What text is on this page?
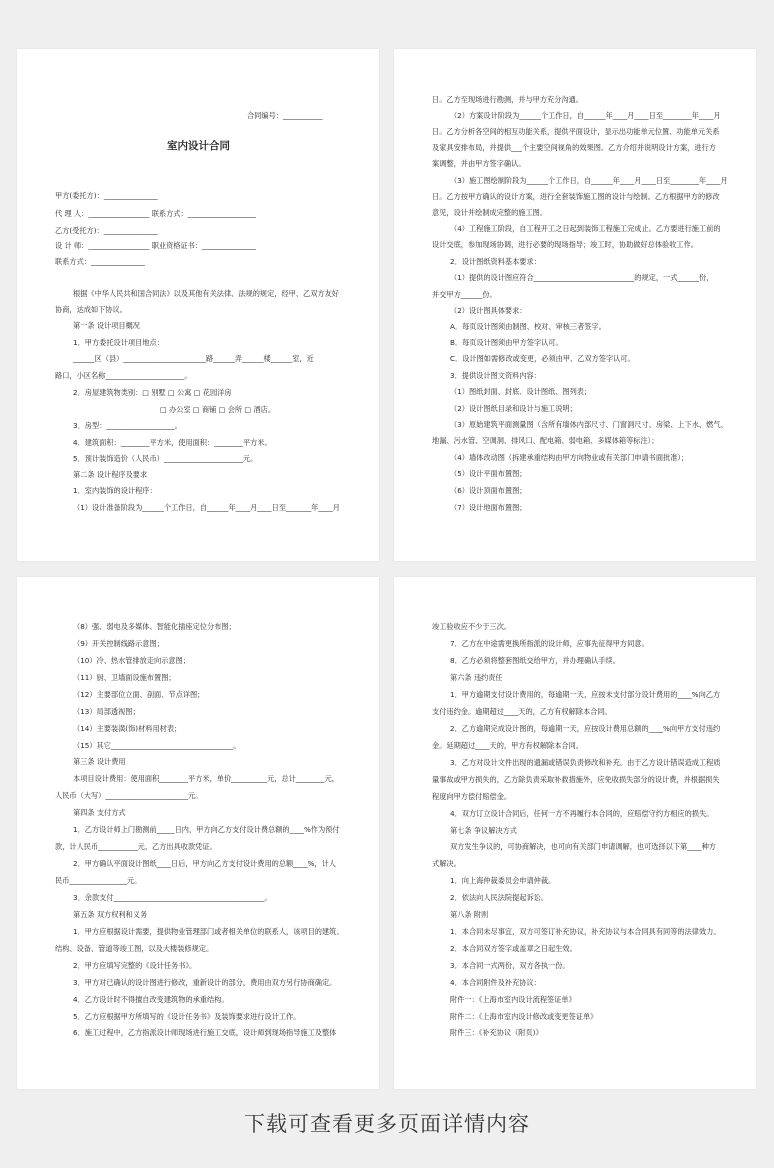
合同编号：___________
室内设计合同
甲方(委托方)：_______________
代 理 人：_________________ 联系方式：___________________
乙方(受托方)：_______________
设 计 师：_________________ 职业资格证书：_______________
联系方式：_______________
根据《中华人民共和国合同法》以及其他有关法律、法规的规定，经甲、乙双方友好
协商，达成如下协议。
第一条 设计项目概况
1．甲方委托设计项目地点：
______区（县）_______________________路______弄______楼______室，近
路口，小区名称______________________。
2．房屋建筑物类别：□ 别墅 □ 公寓 □ 花园洋房
□ 办公室 □ 商铺 □ 会所 □ 酒店。
3．房型：___________________。
4．建筑面积：________平方米，使用面积：________平方米。
5．预计装饰造价（人民币）______________________元。
第二条 设计程序及要求
1．室内装饰的设计程序：
（1）设计准备阶段为______个工作日，自______年____月____日至_______年____月
日。乙方至现场进行勘测，并与甲方充分沟通。
（2）方案设计阶段为______个工作日，自______年____月____日至________年____月
日。乙方分析各空间的相互功能关系，提供平面设计，显示出功能单元位置、功能单元关系
及家具安排布局，并提供___个主要空间视角的效果图。乙方介绍并说明设计方案，进行方
案调整，并由甲方签字确认。
（3）施工图绘制阶段为______个工作日，自______年____月____日至________年____月
日。乙方按甲方确认的设计方案，进行全套装饰施工图的设计与绘制。乙方根据甲方的修改
意见，设计并绘制成完整的施工图。
（4）工程施工阶段，自工程开工之日起到装饰工程施工完成止。乙方要进行施工前的
设计交底，参加现场协调，进行必要的现场指导；竣工时，协助做好总体验收工作。
2．设计图纸资料基本要求：
（1）提供的设计图应符合____________________________的规定，一式______份，
并交甲方______份。
（2）设计图具体要求：
A．每页设计图须由制图、校对、审核三者签字。
B．每页设计图须由甲方签字认可。
C．设计图如需修改或变更，必须由甲、乙双方签字认可。
3．提供设计图文资料内容：
（1）图纸封面、封底、设计图纸、图列表；
（2）设计图纸目录和设计与施工说明；
（3）原始建筑平面测量图（含所有墙体内部尺寸、门窗洞尺寸、房梁、上下水、燃气、
地漏、污水管、空调洞、排风口、配电箱、弱电箱、多媒体箱等标注）；
（4）墙体改动图（拆建承重结构由甲方向物业或有关部门申请书面批准）；
（5）设计平面布置图；
（6）设计顶面布置图；
（7）设计地面布置图；
（8）强、弱电及多媒体、智能化插座定位分布图；
（9）开关控制线路示意图；
（10）冷、热水管排放走向示意图；
（11）厨、卫墙面设施布置图；
（12）主要部位立面、剖面、节点详图；
（13）局部透视图；
（14）主要装潢(饰)材料用材表；
（15）其它__________________________________。
第三条 设计费用
本项目设计费用：使用面积________平方米，单价__________元，总计________元，
人民币（大写）_______________________元。
第四条 支付方式
1．乙方设计师上门勘测前_____日内，甲方向乙方支付设计费总额的____%作为预付
款，计人民币___________元，乙方出具收款凭证。
2．甲方确认平面设计图纸____日后，甲方向乙方支付设计费用的总额____%，计人
民币________________元。
3．余款支付__________________________________________。
第五条 双方权利和义务
1．甲方应根据设计需要，提供物业管理部门或者相关单位的联系人，该项目的建筑、
结构、设备、管道等竣工图，以及大楼装修规定。
2．甲方应填写完整的《设计任务书》。
3．甲方对已确认的设计图进行修改，重新设计的部分，费用由双方另行协商确定。
4．乙方设计时不得擅自改变建筑物的承重结构。
5．乙方应根据甲方所填写的《设计任务书》及装饰要求进行设计工作。
6．施工过程中，乙方指派设计师现场进行施工交底，设计师到现场指导施工及整体
竣工验收应不少于三次。
7．乙方在中途需更换所指派的设计师，应事先征得甲方同意。
8．乙方必须将整套图纸交给甲方，并办理确认手续。
第六条 违约责任
1．甲方逾期支付设计费用的，每逾期一天，应按未支付部分设计费用的____%向乙方
支付违约金。逾期超过____天的，乙方有权解除本合同。
2．乙方逾期完成设计图的，每逾期一天，应按设计费用总额的____%向甲方支付违约
金。延期超过____天的，甲方有权解除本合同。
3．乙方对设计文件出现的遗漏或错误负责修改和补充。由于乙方设计错误造成工程质
量事故或甲方损失的，乙方除负责采取补救措施外，应免收损失部分的设计费，并根据损失
程度向甲方偿付赔偿金。
4．双方订立设计合同后，任何一方不再履行本合同的，应赔偿守约方相应的损失。
第七条 争议解决方式
双方发生争议的，可协商解决，也可向有关部门申请调解，也可选择以下第____种方
式解决。
1．向上海仲裁委员会申请仲裁。
2．依法向人民法院提起诉讼。
第八条 附则
1．本合同未尽事宜，双方可签订补充协议，补充协议与本合同具有同等的法律效力。
2．本合同双方签字或盖章之日起生效。
3．本合同一式两份，双方各执一份。
4．本合同附件及补充协议：
附件一：《上海市室内设计流程签证单》
附件二：《上海市室内设计修改或变更签证单》
附件三：《补充协议（附页)》
下载可查看更多页面详情内容
